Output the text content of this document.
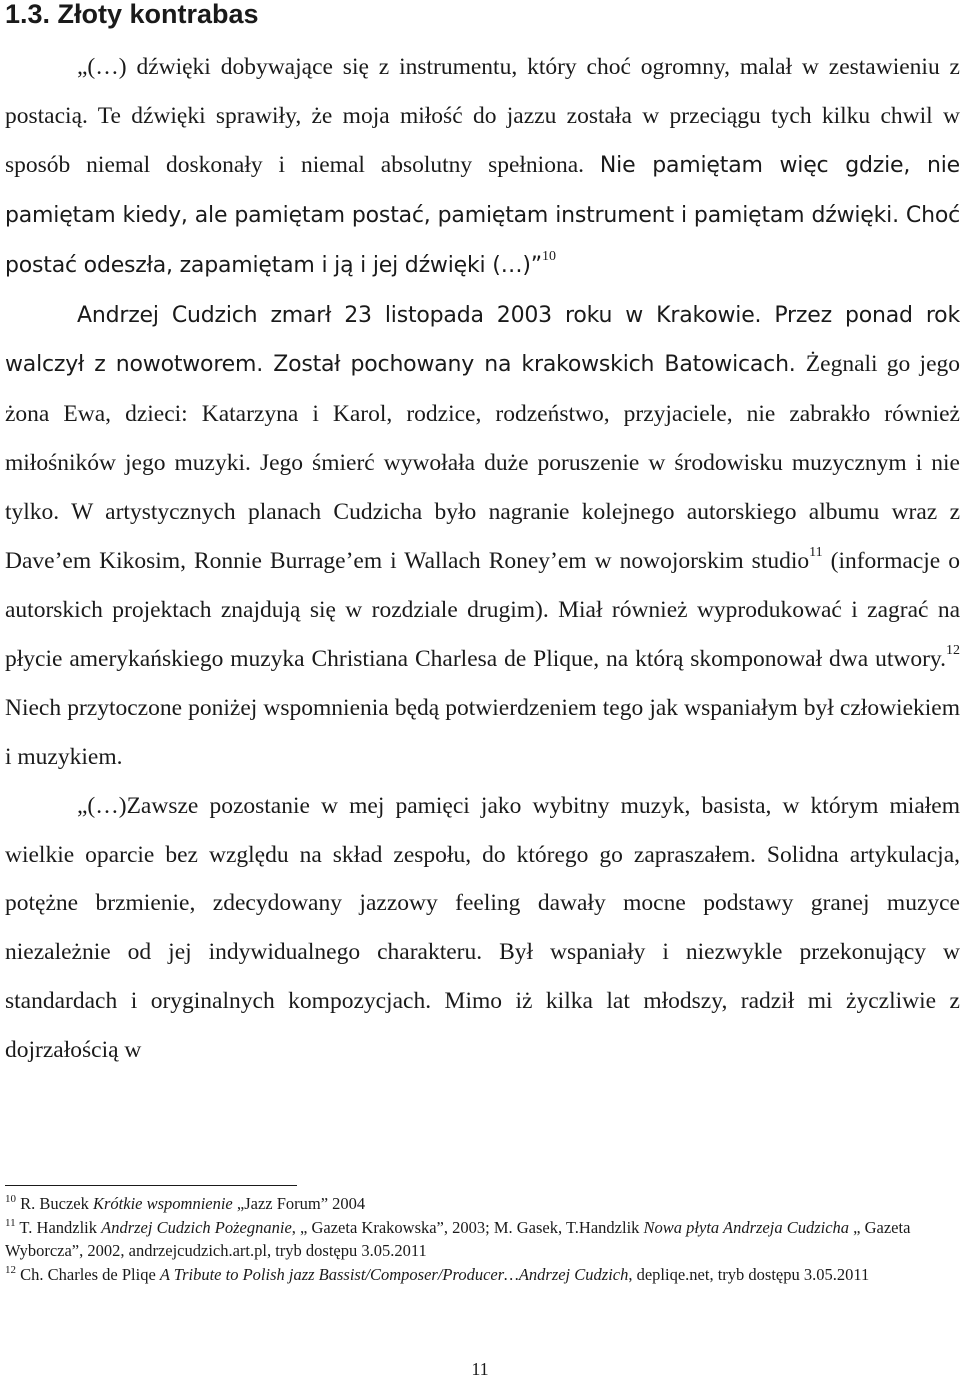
1.3. Złoty kontrabas

„(…) dźwięki dobywające się z instrumentu, który choć ogromny, malał w zestawieniu z postacią. Te dźwięki sprawiły, że moja miłość do jazzu została w przeciągu tych kilku chwil w sposób niemal doskonały i niemal absolutny spełniona. Nie pamiętam więc gdzie, nie pamiętam kiedy, ale pamiętam postać, pamiętam instrument i pamiętam dźwięki. Choć postać odeszła, zapamiętam i ją i jej dźwięki (…)”$^{10}$

Andrzej Cudzich zmarł 23 listopada 2003 roku w Krakowie. Przez ponad rok walczył z nowotworem. Został pochowany na krakowskich Batowicach. Żegnali go jego żona Ewa, dzieci: Katarzyna i Karol, rodzice, rodzeństwo, przyjaciele, nie zabrakło również miłośników jego muzyki. Jego śmierć wywołała duże poruszenie w środowisku muzycznym i nie tylko. W artystycznych planach Cudzicha było nagranie kolejnego autorskiego albumu wraz z Dave’em Kikosim, Ronnie Burrage’em i Wallach Roney’em w nowojorskim studio$^{11}$ (informacje o autorskich projektach znajdują się w rozdziale drugim). Miał również wyprodukować i zagrać na płycie amerykańskiego muzyka Christiana Charlesa de Plique, na którą skomponował dwa utwory.$^{12}$ Niech przytoczone poniżej wspomnienia będą potwierdzeniem tego jak wspaniałym był człowiekiem i muzykiem.

„(…)Zawsze pozostanie w mej pamięci jako wybitny muzyk, basista, w którym miałem wielkie oparcie bez względu na skład zespołu, do którego go zapraszałem. Solidna artykulacja, potężne brzmienie, zdecydowany jazzowy feeling dawały mocne podstawy granej muzyce niezależnie od jej indywidualnego charakteru. Był wspaniały i niezwykle przekonujący w standardach i oryginalnych kompozycjach. Mimo iż kilka lat młodszy, radził mi życzliwie z dojrzałością w

$^{10}$ R. Buczek Krótkie wspomnienie „Jazz Forum” 2004

$^{11}$ T. Handzlik Andrzej Cudzich Pożegnanie, „ Gazeta Krakowska”, 2003; M. Gasek, T.Handzlik Nowa płyta Andrzeja Cudzicha „ Gazeta Wyborcza”, 2002, andrzejcudzich.art.pl, tryb dostępu 3.05.2011

$^{12}$ Ch. Charles de Pliqe A Tribute to Polish jazz Bassist/Composer/Producer…Andrzej Cudzich, depliqe.net, tryb dostępu 3.05.2011

11
